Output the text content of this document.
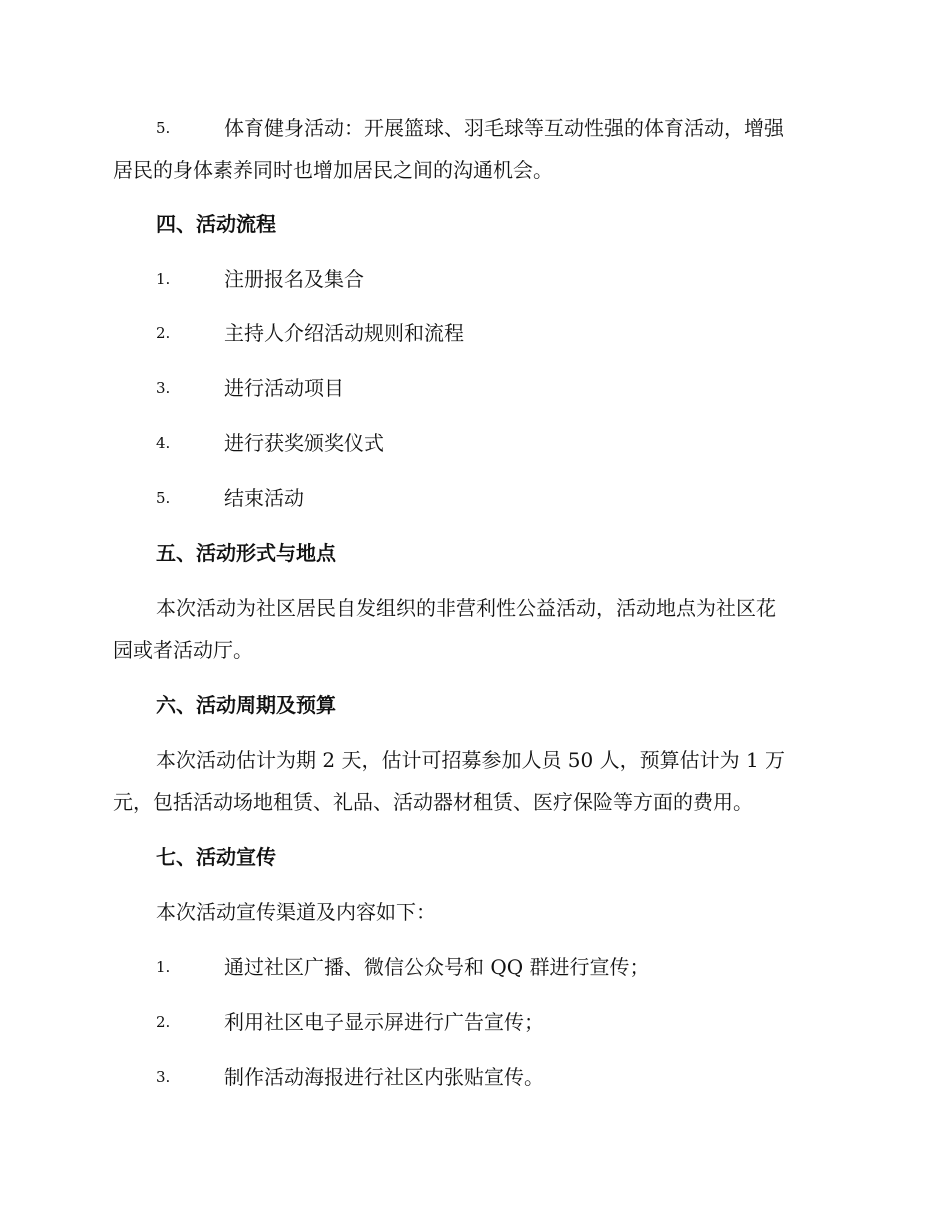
5.	体育健身活动：开展篮球、羽毛球等互动性强的体育活动，增强
居民的身体素养同时也增加居民之间的沟通机会。
四、活动流程
1.	注册报名及集合
2.	主持人介绍活动规则和流程
3.	进行活动项目
4.	进行获奖颁奖仪式
5.	结束活动
五、活动形式与地点
本次活动为社区居民自发组织的非营利性公益活动，活动地点为社区花
园或者活动厅。
六、活动周期及预算
本次活动估计为期 2 天，估计可招募参加人员 50 人，预算估计为 1 万
元，包括活动场地租赁、礼品、活动器材租赁、医疗保险等方面的费用。
七、活动宣传
本次活动宣传渠道及内容如下：
1.	通过社区广播、微信公众号和 QQ 群进行宣传；
2.	利用社区电子显示屏进行广告宣传；
3.	制作活动海报进行社区内张贴宣传。
